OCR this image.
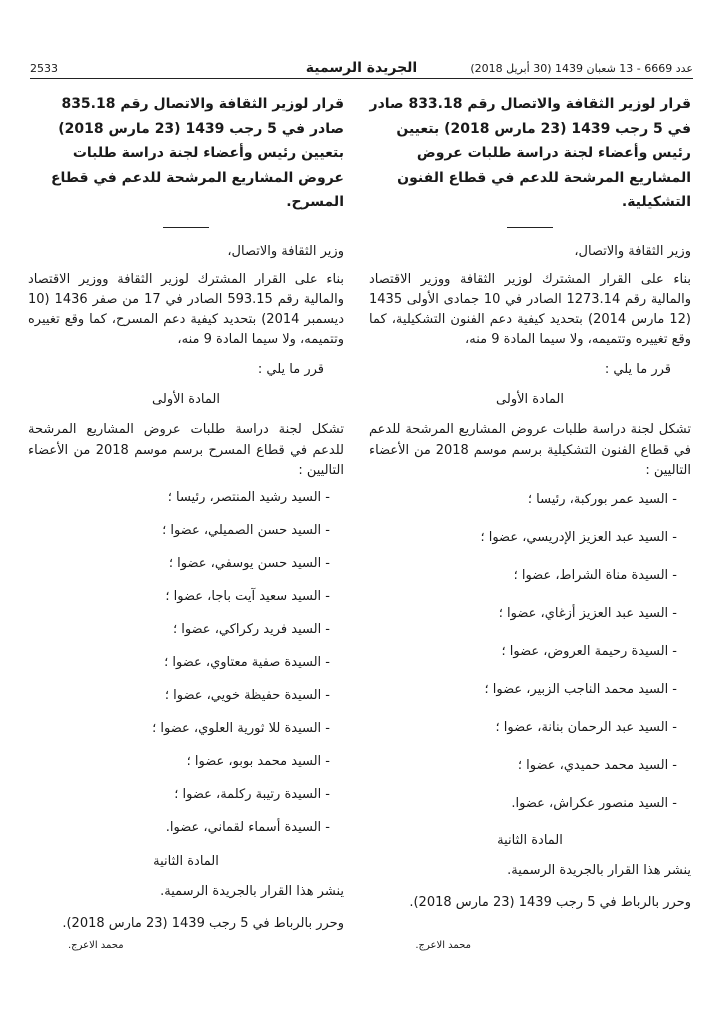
2533	الجريدة الرسمية	عدد 6669 - 13 شعبان 1439 (30 أبريل 2018)

قرار لوزير الثقافة والاتصال رقم 833.18 صادر في 5 رجب 1439 (23 مارس 2018) بتعيين رئيس وأعضاء لجنة دراسة طلبات عروض المشاريع المرشحة للدعم في قطاع الفنون التشكيلية.

وزير الثقافة والاتصال،

بناء على القرار المشترك لوزير الثقافة ووزير الاقتصاد والمالية رقم 1273.14 الصادر في 10 جمادى الأولى 1435 (12 مارس 2014) بتحديد كيفية دعم الفنون التشكيلية، كما وقع تغييره وتتميمه، ولا سيما المادة 9 منه،

قرر ما يلي :

المادة الأولى

تشكل لجنة دراسة طلبات عروض المشاريع المرشحة للدعم في قطاع الفنون التشكيلية برسم موسم 2018 من الأعضاء التاليين :

- السيد عمر بوركبة، رئيسا ؛
- السيد عبد العزيز الإدريسي، عضوا ؛
- السيدة مناة الشراط، عضوا ؛
- السيد عبد العزيز أزغاي، عضوا ؛
- السيدة رحيمة العروض، عضوا ؛
- السيد محمد الناجب الزبير، عضوا ؛
- السيد عبد الرحمان بنانة، عضوا ؛
- السيد محمد حميدي، عضوا ؛
- السيد منصور عكراش، عضوا.

المادة الثانية

ينشر هذا القرار بالجريدة الرسمية.

وحرر بالرباط في 5 رجب 1439 (23 مارس 2018).

قرار لوزير الثقافة والاتصال رقم 835.18 صادر في 5 رجب 1439 (23 مارس 2018) بتعيين رئيس وأعضاء لجنة دراسة طلبات عروض المشاريع المرشحة للدعم في قطاع المسرح.

وزير الثقافة والاتصال،

بناء على القرار المشترك لوزير الثقافة ووزير الاقتصاد والمالية رقم 593.15 الصادر في 17 من صفر 1436 (10 ديسمبر 2014) بتحديد كيفية دعم المسرح، كما وقع تغييره وتتميمه، ولا سيما المادة 9 منه،

قرر ما يلي :

المادة الأولى

تشكل لجنة دراسة طلبات عروض المشاريع المرشحة للدعم في قطاع المسرح برسم موسم 2018 من الأعضاء التاليين :

- السيد رشيد المنتصر، رئيسا ؛
- السيد حسن الصميلي، عضوا ؛
- السيد حسن يوسفي، عضوا ؛
- السيد سعيد آيت باجا، عضوا ؛
- السيد فريد ركراكي، عضوا ؛
- السيدة صفية معتاوي، عضوا ؛
- السيدة حفيظة خويي، عضوا ؛
- السيدة للا ثورية العلوي، عضوا ؛
- السيد محمد بوبو، عضوا ؛
- السيدة رتيبة ركلمة، عضوا ؛
- السيدة أسماء لقماني، عضوا.

المادة الثانية

ينشر هذا القرار بالجريدة الرسمية.

وحرر بالرباط في 5 رجب 1439 (23 مارس 2018).

محمد الاعرج.
محمد الاعرج.
